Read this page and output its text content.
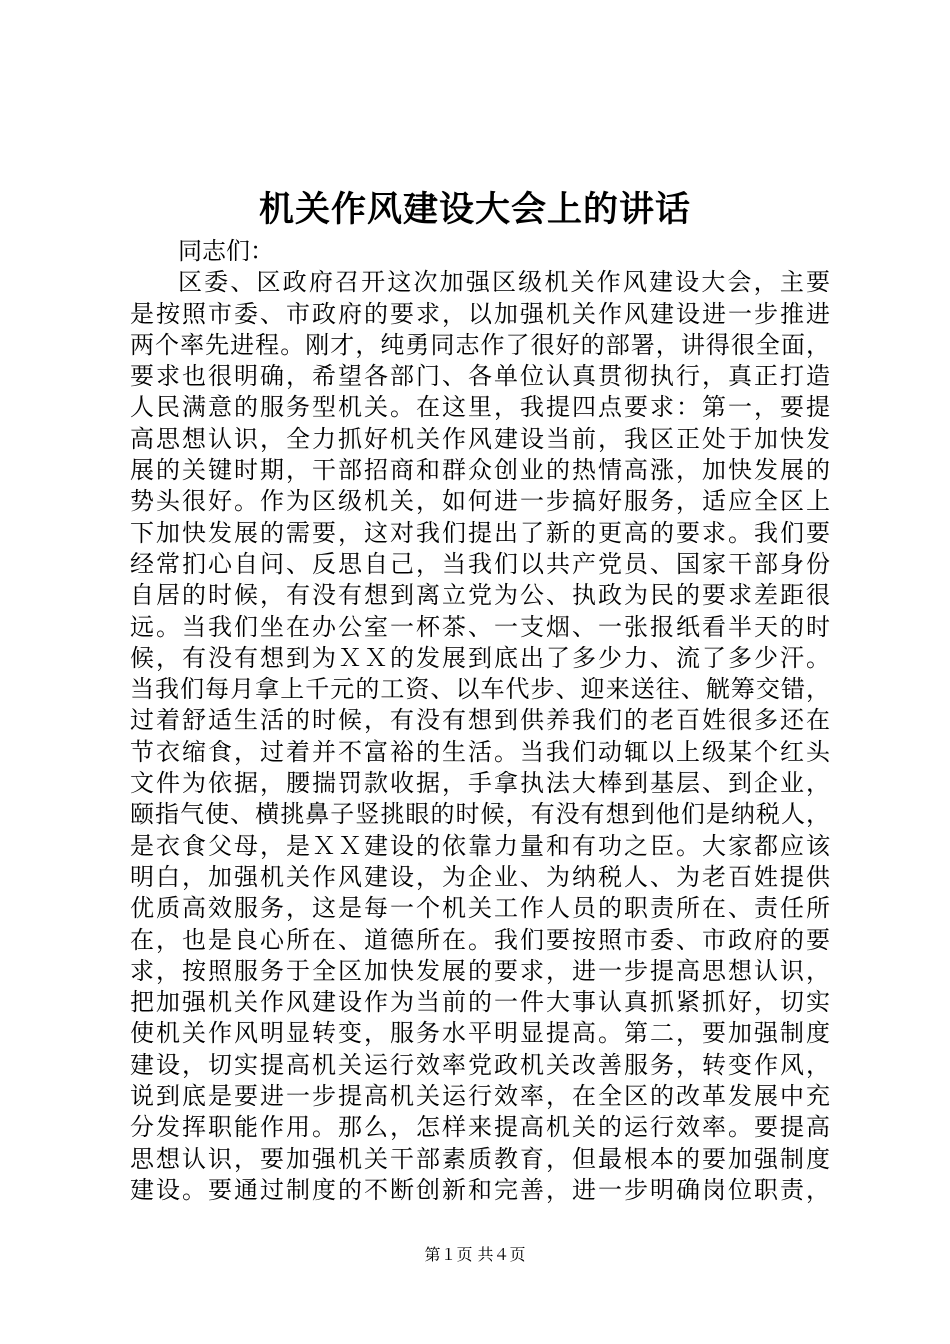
机关作风建设大会上的讲话
同志们：
区委、区政府召开这次加强区级机关作风建设大会，主要
是按照市委、市政府的要求，以加强机关作风建设进一步推进
两个率先进程。刚才，纯勇同志作了很好的部署，讲得很全面，
要求也很明确，希望各部门、各单位认真贯彻执行，真正打造
人民满意的服务型机关。在这里，我提四点要求：第一，要提
高思想认识，全力抓好机关作风建设当前，我区正处于加快发
展的关键时期，干部招商和群众创业的热情高涨，加快发展的
势头很好。作为区级机关，如何进一步搞好服务，适应全区上
下加快发展的需要，这对我们提出了新的更高的要求。我们要
经常扪心自问、反思自己，当我们以共产党员、国家干部身份
自居的时候，有没有想到离立党为公、执政为民的要求差距很
远。当我们坐在办公室一杯茶、一支烟、一张报纸看半天的时
候，有没有想到为ＸＸ的发展到底出了多少力、流了多少汗。
当我们每月拿上千元的工资、以车代步、迎来送往、觥筹交错，
过着舒适生活的时候，有没有想到供养我们的老百姓很多还在
节衣缩食，过着并不富裕的生活。当我们动辄以上级某个红头
文件为依据，腰揣罚款收据，手拿执法大棒到基层、到企业，
颐指气使、横挑鼻子竖挑眼的时候，有没有想到他们是纳税人，
是衣食父母，是ＸＸ建设的依靠力量和有功之臣。大家都应该
明白，加强机关作风建设，为企业、为纳税人、为老百姓提供
优质高效服务，这是每一个机关工作人员的职责所在、责任所
在，也是良心所在、道德所在。我们要按照市委、市政府的要
求，按照服务于全区加快发展的要求，进一步提高思想认识，
把加强机关作风建设作为当前的一件大事认真抓紧抓好，切实
使机关作风明显转变，服务水平明显提高。第二，要加强制度
建设，切实提高机关运行效率党政机关改善服务，转变作风，
说到底是要进一步提高机关运行效率，在全区的改革发展中充
分发挥职能作用。那么，怎样来提高机关的运行效率。要提高
思想认识，要加强机关干部素质教育，但最根本的要加强制度
建设。要通过制度的不断创新和完善，进一步明确岗位职责，
第１页 共４页
